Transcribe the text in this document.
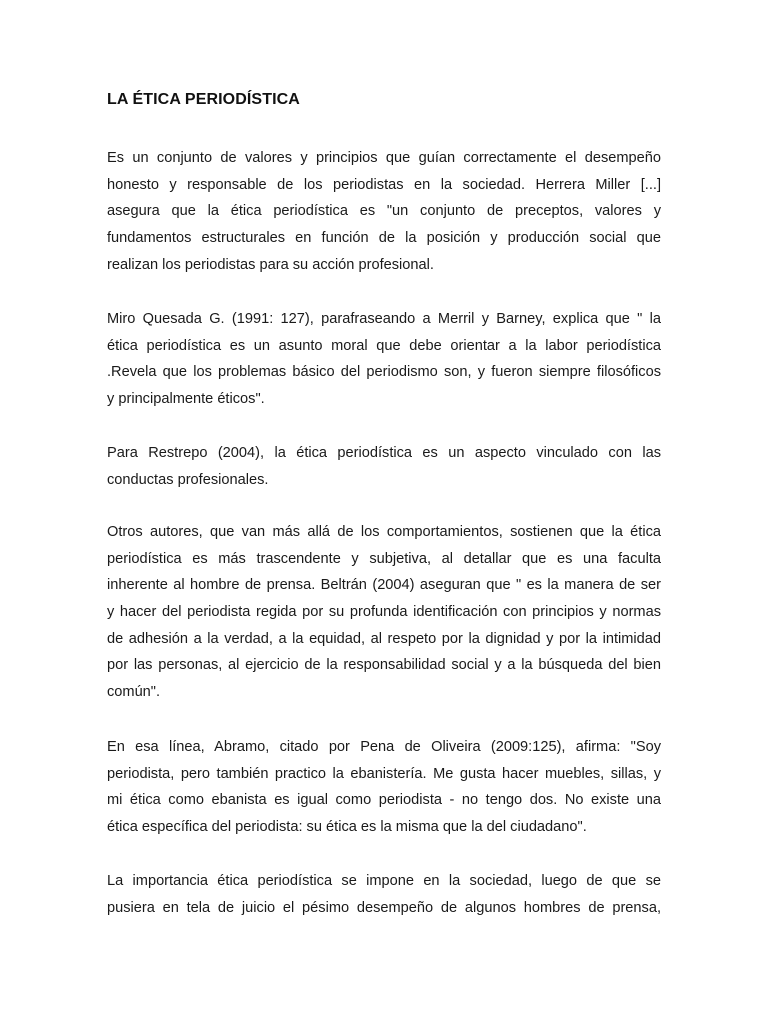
LA ÉTICA PERIODÍSTICA
Es un conjunto de valores y principios que guían correctamente el desempeño
honesto y responsable de los periodistas en la sociedad. Herrera Miller [...]
asegura que la ética periodística es "un conjunto de preceptos, valores y
fundamentos estructurales en función de la posición y producción social que
realizan los periodistas para su acción profesional.
Miro Quesada G. (1991: 127), parafraseando a Merril y Barney, explica que " la
ética periodística es un asunto moral que debe orientar a la labor periodística
.Revela que los problemas básico del periodismo son, y fueron siempre filosóficos
y principalmente éticos".
Para Restrepo (2004), la ética periodística es un aspecto vinculado con las
conductas profesionales.
Otros autores, que van más allá de los comportamientos, sostienen que la ética
periodística es más trascendente y subjetiva, al detallar que es una faculta
inherente al hombre de prensa. Beltrán (2004) aseguran que " es la manera de ser
y hacer del periodista regida por su profunda identificación con principios y normas
de adhesión a la verdad, a la equidad, al respeto por la dignidad y por la intimidad
por las personas, al ejercicio de la responsabilidad social y a la búsqueda del bien
común".
En esa línea, Abramo, citado por Pena de Oliveira (2009:125), afirma: "Soy
periodista, pero también practico la ebanistería. Me gusta hacer muebles, sillas, y
mi ética como ebanista es igual como periodista - no tengo dos. No existe una
ética específica del periodista: su ética es la misma que la del ciudadano".
La importancia ética periodística se impone en la sociedad, luego de que se
pusiera en tela de juicio el pésimo desempeño de algunos hombres de prensa,
